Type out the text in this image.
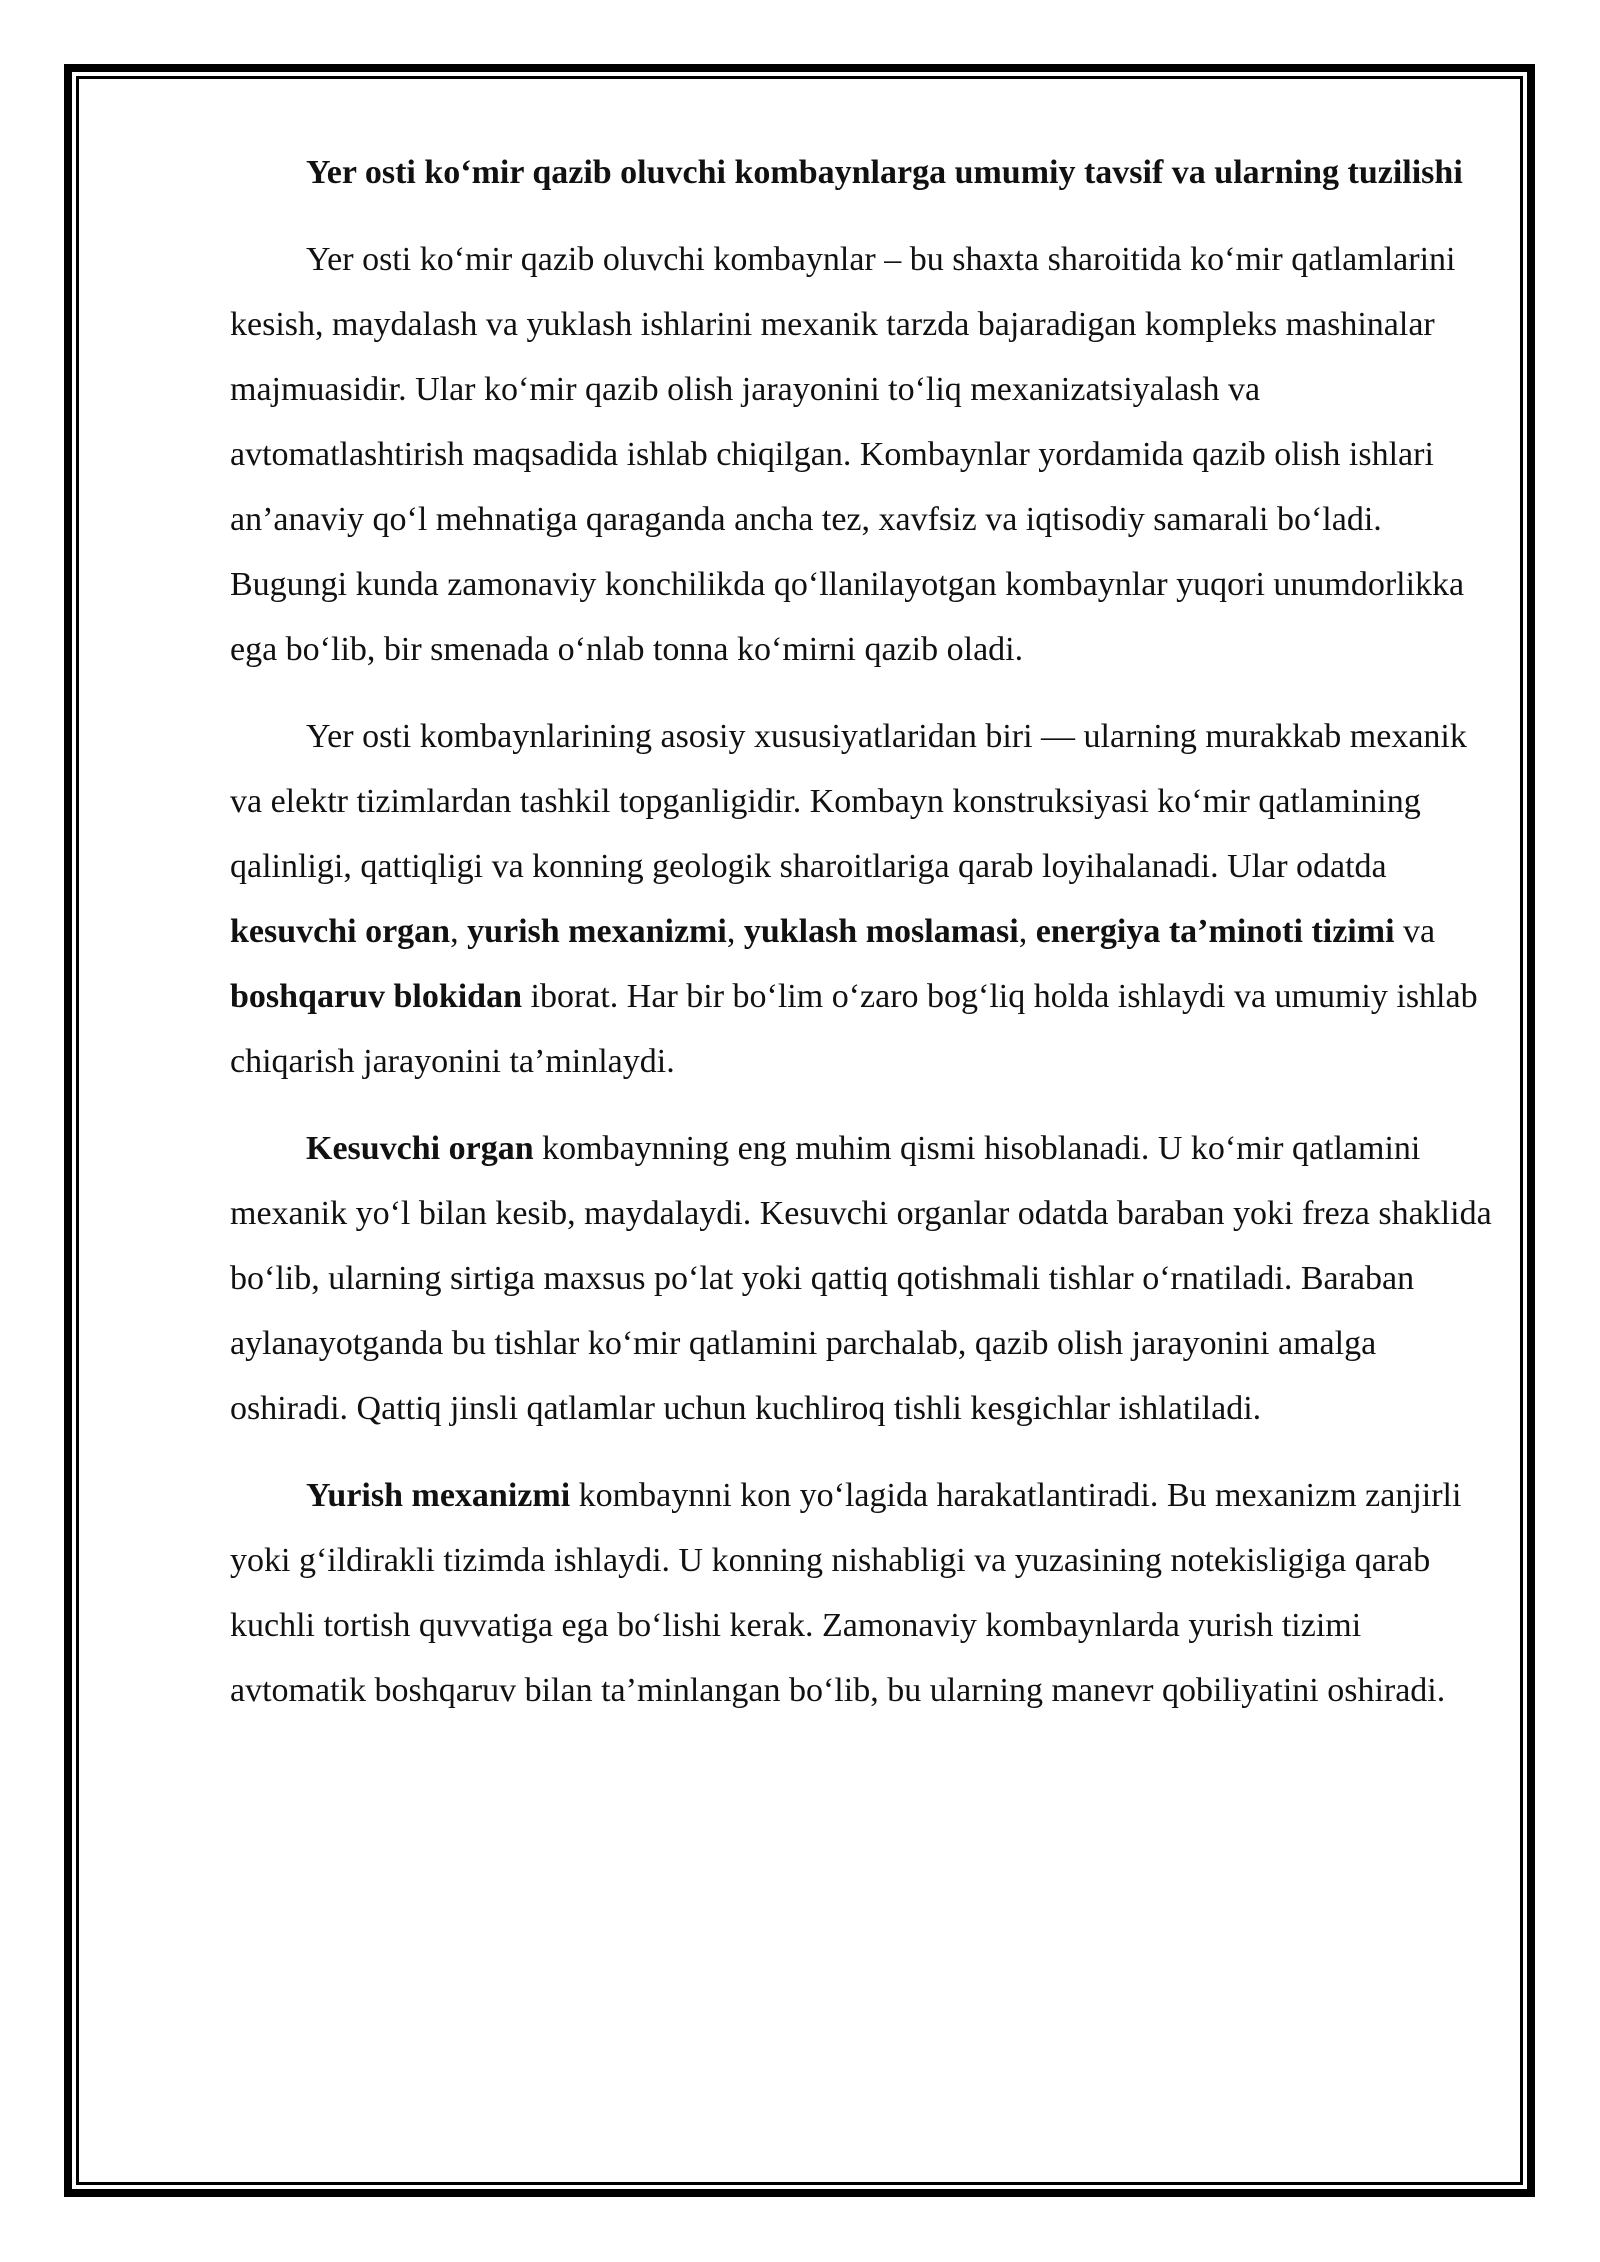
Yer osti ko‘mir qazib oluvchi kombaynlarga umumiy tavsif va ularning tuzilishi

Yer osti ko‘mir qazib oluvchi kombaynlar – bu shaxta sharoitida ko‘mir qatlamlarini kesish, maydalash va yuklash ishlarini mexanik tarzda bajaradigan kompleks mashinalar majmuasidir. Ular ko‘mir qazib olish jarayonini to‘liq mexanizatsiyalash va avtomatlashtirish maqsadida ishlab chiqilgan. Kombaynlar yordamida qazib olish ishlari an’anaviy qo‘l mehnatiga qaraganda ancha tez, xavfsiz va iqtisodiy samarali bo‘ladi. Bugungi kunda zamonaviy konchilikda qo‘llanilayotgan kombaynlar yuqori unumdorlikka ega bo‘lib, bir smenada o‘nlab tonna ko‘mirni qazib oladi.

Yer osti kombaynlarining asosiy xususiyatlaridan biri — ularning murakkab mexanik va elektr tizimlardan tashkil topganligidir. Kombayn konstruksiyasi ko‘mir qatlamining qalinligi, qattiqligi va konning geologik sharoitlariga qarab loyihalanadi. Ular odatda kesuvchi organ, yurish mexanizmi, yuklash moslamasi, energiya ta’minoti tizimi va boshqaruv blokidan iborat. Har bir bo‘lim o‘zaro bog‘liq holda ishlaydi va umumiy ishlab chiqarish jarayonini ta’minlaydi.

Kesuvchi organ kombaynning eng muhim qismi hisoblanadi. U ko‘mir qatlamini mexanik yo‘l bilan kesib, maydalaydi. Kesuvchi organlar odatda baraban yoki freza shaklida bo‘lib, ularning sirtiga maxsus po‘lat yoki qattiq qotishmali tishlar o‘rnatiladi. Baraban aylanayotganda bu tishlar ko‘mir qatlamini parchalab, qazib olish jarayonini amalga oshiradi. Qattiq jinsli qatlamlar uchun kuchliroq tishli kesgichlar ishlatiladi.

Yurish mexanizmi kombaynni kon yo‘lagida harakatlantiradi. Bu mexanizm zanjirli yoki g‘ildirakli tizimda ishlaydi. U konning nishabligi va yuzasining notekisligiga qarab kuchli tortish quvvatiga ega bo‘lishi kerak. Zamonaviy kombaynlarda yurish tizimi avtomatik boshqaruv bilan ta’minlangan bo‘lib, bu ularning manevr qobiliyatini oshiradi.
